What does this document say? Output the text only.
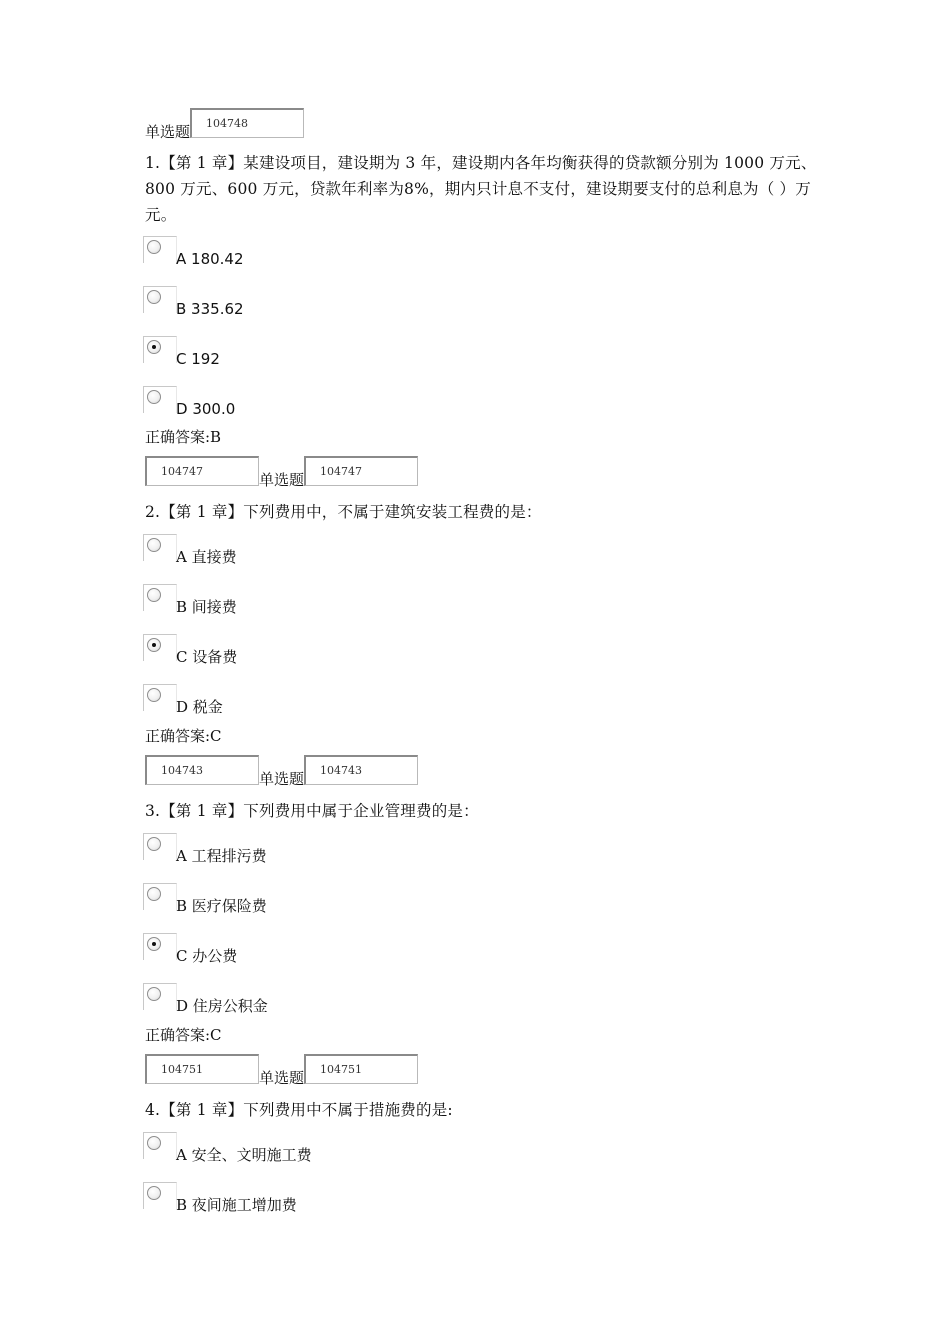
单选题	104748
1.【第 1 章】某建设项目，建设期为 3 年，建设期内各年均衡获得的贷款额分别为 1000 万元、800 万元、600 万元，贷款年利率为8%，期内只计息不支付，建设期要支付的总利息为（ ）万元。
A 180.42
B 335.62
C 192
D 300.0
正确答案:B
104747	单选题	104747
2.【第 1 章】下列费用中，不属于建筑安装工程费的是：
A 直接费
B 间接费
C 设备费
D 税金
正确答案:C
104743	单选题	104743
3.【第 1 章】下列费用中属于企业管理费的是：
A 工程排污费
B 医疗保险费
C 办公费
D 住房公积金
正确答案:C
104751	单选题	104751
4.【第 1 章】下列费用中不属于措施费的是:
A 安全、文明施工费
B 夜间施工增加费
